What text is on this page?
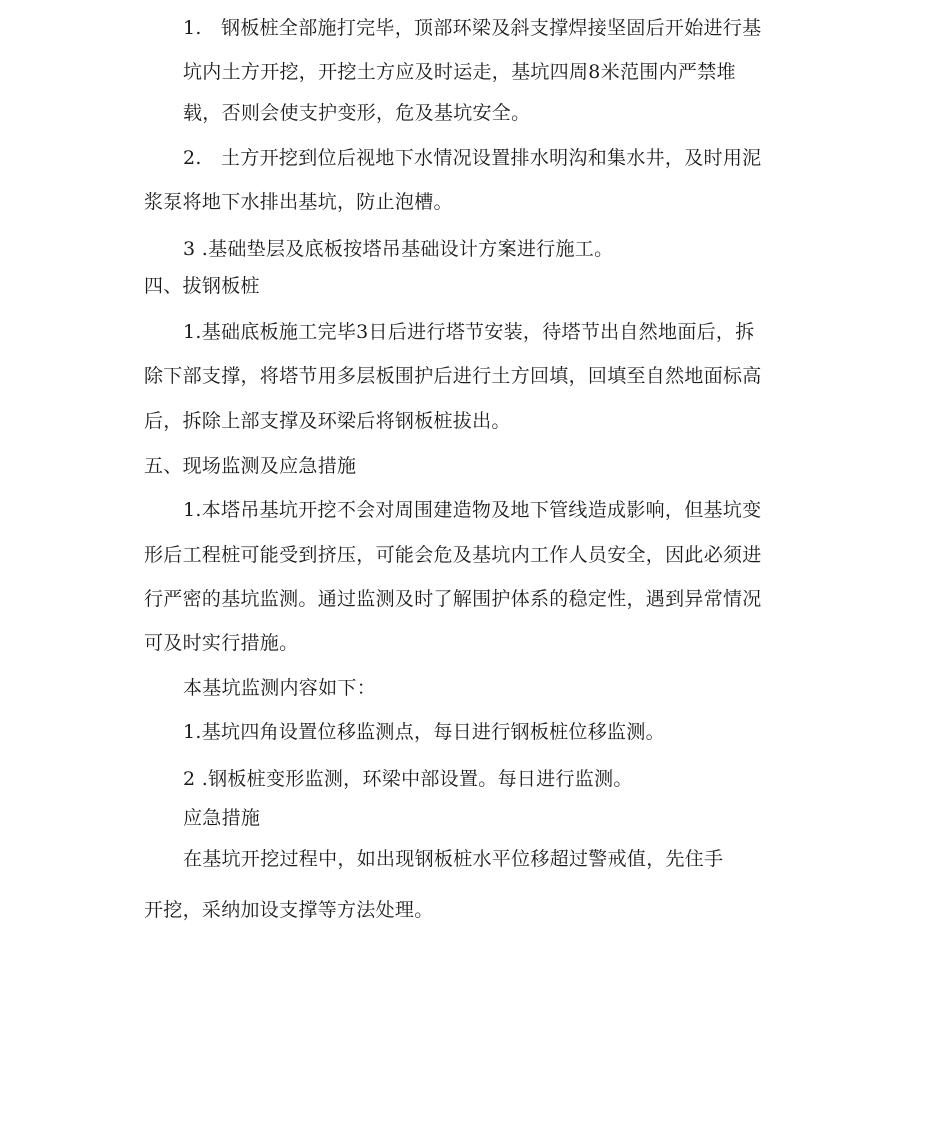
1.　钢板桩全部施打完毕，顶部环梁及斜支撑焊接坚固后开始进行基
坑内土方开挖，开挖土方应及时运走，基坑四周8米范围内严禁堆
载，否则会使支护变形，危及基坑安全。
2.　土方开挖到位后视地下水情况设置排水明沟和集水井，及时用泥
浆泵将地下水排出基坑，防止泡槽。
3 .基础垫层及底板按塔吊基础设计方案进行施工。
四、拔钢板桩
1.基础底板施工完毕3日后进行塔节安装，待塔节出自然地面后，拆
除下部支撑，将塔节用多层板围护后进行土方回填，回填至自然地面标高
后，拆除上部支撑及环梁后将钢板桩拔出。
五、现场监测及应急措施
1.本塔吊基坑开挖不会对周围建造物及地下管线造成影响，但基坑变
形后工程桩可能受到挤压，可能会危及基坑内工作人员安全，因此必须进
行严密的基坑监测。通过监测及时了解围护体系的稳定性，遇到异常情况
可及时实行措施。
本基坑监测内容如下：
1.基坑四角设置位移监测点，每日进行钢板桩位移监测。
2 .钢板桩变形监测，环梁中部设置。每日进行监测。
应急措施
在基坑开挖过程中，如出现钢板桩水平位移超过警戒值，先住手
开挖，采纳加设支撑等方法处理。
